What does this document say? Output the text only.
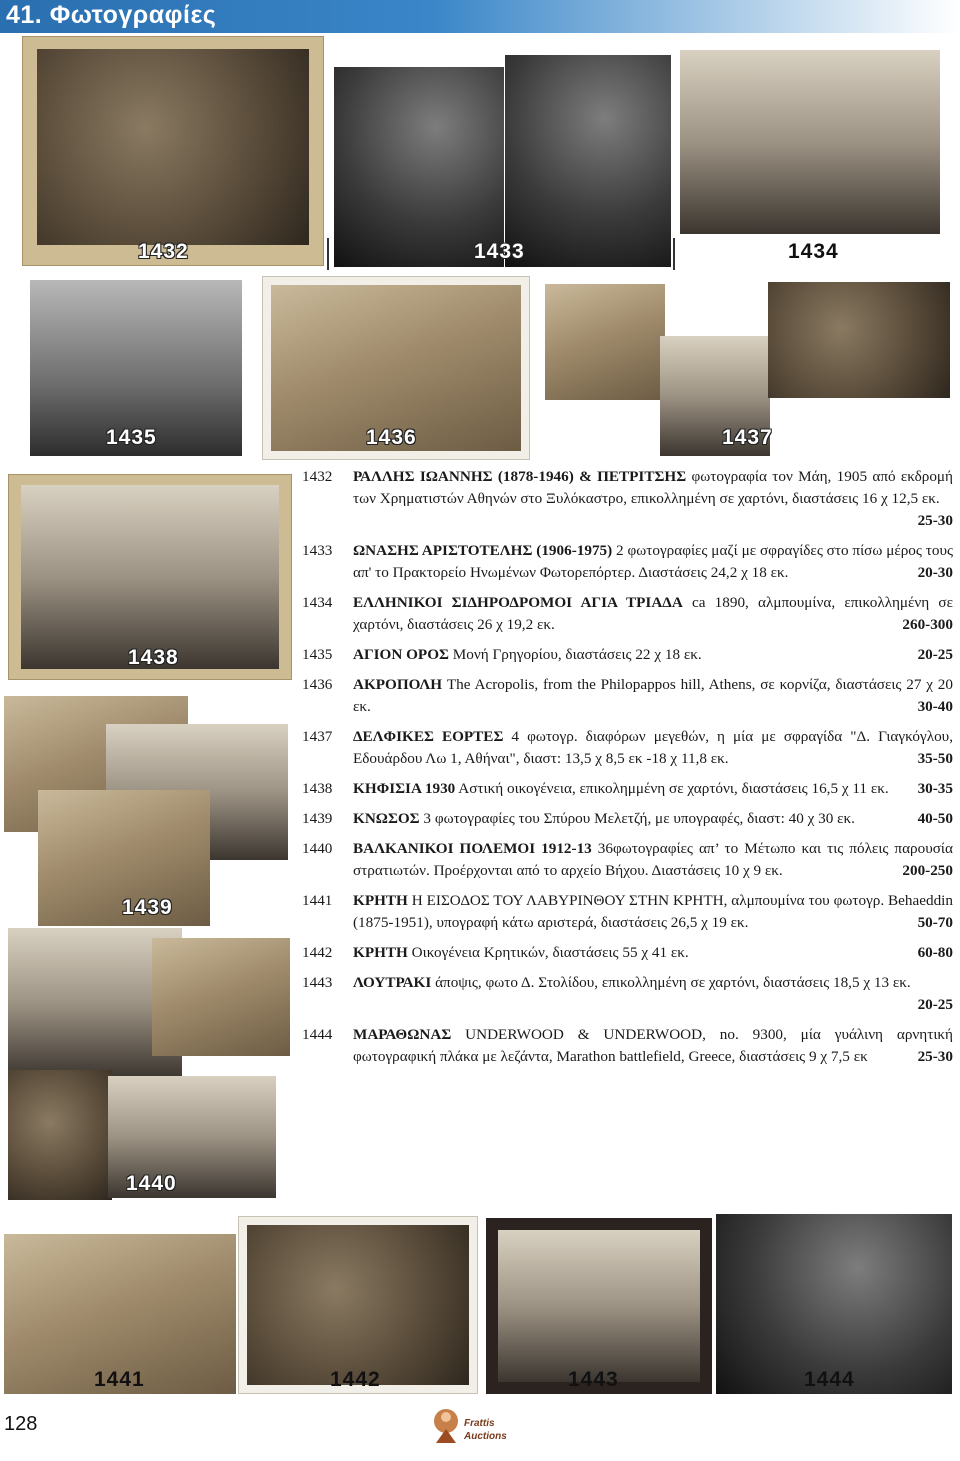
41. Φωτογραφίες
1432	1433	1434
1435	1436	1437
1438
1439
1440
1441	1442	1443	1444
1432	ΡΑΛΛΗΣ ΙΩΑΝΝΗΣ (1878-1946) & ΠΕΤΡΙΤΣΗΣ φωτογραφία τον Μάη, 1905 από εκδρομή των Χρηματιστών Αθηνών στο Ξυλόκαστρο, επικολλημένη σε χαρτόνι, διαστάσεις 16 χ 12,5 εκ.
25-30
1433	ΩΝΑΣΗΣ ΑΡΙΣΤΟΤΕΛΗΣ (1906-1975) 2 φωτογραφίες μαζί με σφραγίδες στο πίσω μέρος τους απ' το Πρακτορείο Ηνωμένων Φωτορεπόρτερ. Διαστάσεις 24,2 χ 18 εκ.	20-30
1434	ΕΛΛΗΝΙΚΟΙ ΣΙΔΗΡΟΔΡΟΜΟΙ ΑΓΙΑ ΤΡΙΑΔΑ ca 1890, αλμπουμίνα, επικολλημένη σε χαρτόνι, διαστάσεις 26 χ 19,2 εκ.	260-300
1435	ΑΓΙΟΝ ΟΡΟΣ Μονή Γρηγορίου, διαστάσεις 22 χ 18 εκ.	20-25
1436	ΑΚΡΟΠΟΛΗ The Acropolis, from the Philopappos hill, Athens, σε κορνίζα, διαστάσεις 27 χ 20 εκ.	30-40
1437	ΔΕΛΦΙΚΕΣ ΕΟΡΤΕΣ 4 φωτογρ. διαφόρων μεγεθών, η μία με σφραγίδα "Δ. Γιαγκόγλου, Εδουάρδου Λω 1, Αθήναι", διαστ: 13,5 χ 8,5 εκ -18 χ 11,8 εκ.	35-50
1438	ΚΗΦΙΣΙΑ 1930 Αστική οικογένεια, επικολημμένη σε χαρτόνι, διαστάσεις 16,5 χ 11 εκ. 30-35
1439	ΚΝΩΣΟΣ 3 φωτογραφίες του Σπύρου Μελετζή, με υπογραφές, διαστ: 40 χ 30 εκ.	40-50
1440	ΒΑΛΚΑΝΙΚΟΙ ΠΟΛΕΜΟΙ 1912-13 36φωτογραφίες απ’ το Μέτωπο και τις πόλεις παρουσία στρατιωτών. Προέρχονται από το αρχείο Βήχου. Διαστάσεις 10 χ 9 εκ.	200-250
1441	ΚΡΗΤΗ Η ΕΙΣΟΔΟΣ ΤΟΥ ΛΑΒΥΡΙΝΘΟΥ ΣΤΗΝ ΚΡΗΤΗ, αλμπουμίνα του φωτογρ. Behaeddin (1875-1951), υπογραφή κάτω αριστερά, διαστάσεις 26,5 χ 19 εκ.	50-70
1442	ΚΡΗΤΗ Οικογένεια Κρητικών, διαστάσεις 55 χ 41 εκ.	60-80
1443	ΛΟΥΤΡΑΚΙ άποψις, φωτο Δ. Στολίδου, επικολλημένη σε χαρτόνι, διαστάσεις 18,5 χ 13 εκ.
20-25
1444	ΜΑΡΑΘΩΝΑΣ UNDERWOOD & UNDERWOOD, no. 9300, μία γυάλινη αρνητική φωτογραφική πλάκα με λεζάντα, Marathon battlefield, Greece, διαστάσεις 9 χ 7,5 εκ	25-30
128	Frattis
Auctions
